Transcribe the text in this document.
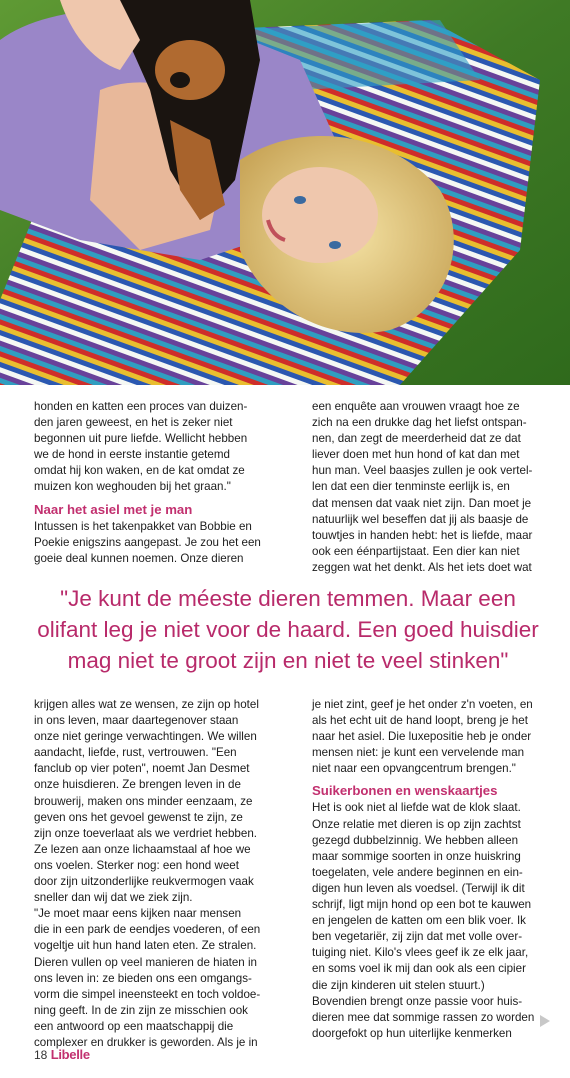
honden en katten een proces van duizen-

den jaren geweest, en het is zeker niet

begonnen uit pure liefde. Wellicht hebben

we de hond in eerste instantie getemd

omdat hij kon waken, en de kat omdat ze

muizen kon weghouden bij het graan."

Naar het asiel met je man

Intussen is het takenpakket van Bobbie en

Poekie enigszins aangepast. Je zou het een

goeie deal kunnen noemen. Onze dieren

een enquête aan vrouwen vraagt hoe ze

zich na een drukke dag het liefst ontspan-

nen, dan zegt de meerderheid dat ze dat

liever doen met hun hond of kat dan met

hun man. Veel baasjes zullen je ook vertel-

len dat een dier tenminste eerlijk is, en

dat mensen dat vaak niet zijn. Dan moet je

natuurlijk wel beseffen dat jij als baasje de

touwtjes in handen hebt: het is liefde, maar

ook een éénpartijstaat. Een dier kan niet

zeggen wat het denkt. Als het iets doet wat

"Je kunt de méeste dieren temmen. Maar een
olifant leg je niet voor de haard. Een goed huisdier
mag niet te groot zijn en niet te veel stinken"

krijgen alles wat ze wensen, ze zijn op hotel

in ons leven, maar daartegenover staan

onze niet geringe verwachtingen. We willen

aandacht, liefde, rust, vertrouwen. "Een

fanclub op vier poten", noemt Jan Desmet

onze huisdieren. Ze brengen leven in de

brouwerij, maken ons minder eenzaam, ze

geven ons het gevoel gewenst te zijn, ze

zijn onze toeverlaat als we verdriet hebben.

Ze lezen aan onze lichaamstaal af hoe we

ons voelen. Sterker nog: een hond weet

door zijn uitzonderlijke reukvermogen vaak

sneller dan wij dat we ziek zijn.

"Je moet maar eens kijken naar mensen

die in een park de eendjes voederen, of een

vogeltje uit hun hand laten eten. Ze stralen.

Dieren vullen op veel manieren de hiaten in

ons leven in: ze bieden ons een omgangs-

vorm die simpel ineensteekt en toch voldoe-

ning geeft. In de zin zijn ze misschien ook

een antwoord op een maatschappij die

complexer en drukker is geworden. Als je in

je niet zint, geef je het onder z'n voeten, en

als het echt uit de hand loopt, breng je het

naar het asiel. Die luxepositie heb je onder

mensen niet: je kunt een vervelende man

niet naar een opvangcentrum brengen."

Suikerbonen en wenskaartjes

Het is ook niet al liefde wat de klok slaat.

Onze relatie met dieren is op zijn zachtst

gezegd dubbelzinnig. We hebben alleen

maar sommige soorten in onze huiskring

toegelaten, vele andere beginnen en ein-

digen hun leven als voedsel. (Terwijl ik dit

schrijf, ligt mijn hond op een bot te kauwen

en jengelen de katten om een blik voer. Ik

ben vegetariër, zij zijn dat met volle over-

tuiging niet. Kilo's vlees geef ik ze elk jaar,

en soms voel ik mij dan ook als een cipier

die zijn kinderen uit stelen stuurt.)

Bovendien brengt onze passie voor huis-

dieren mee dat sommige rassen zo worden

doorgefokt op hun uiterlijke kenmerken

18 Libelle
